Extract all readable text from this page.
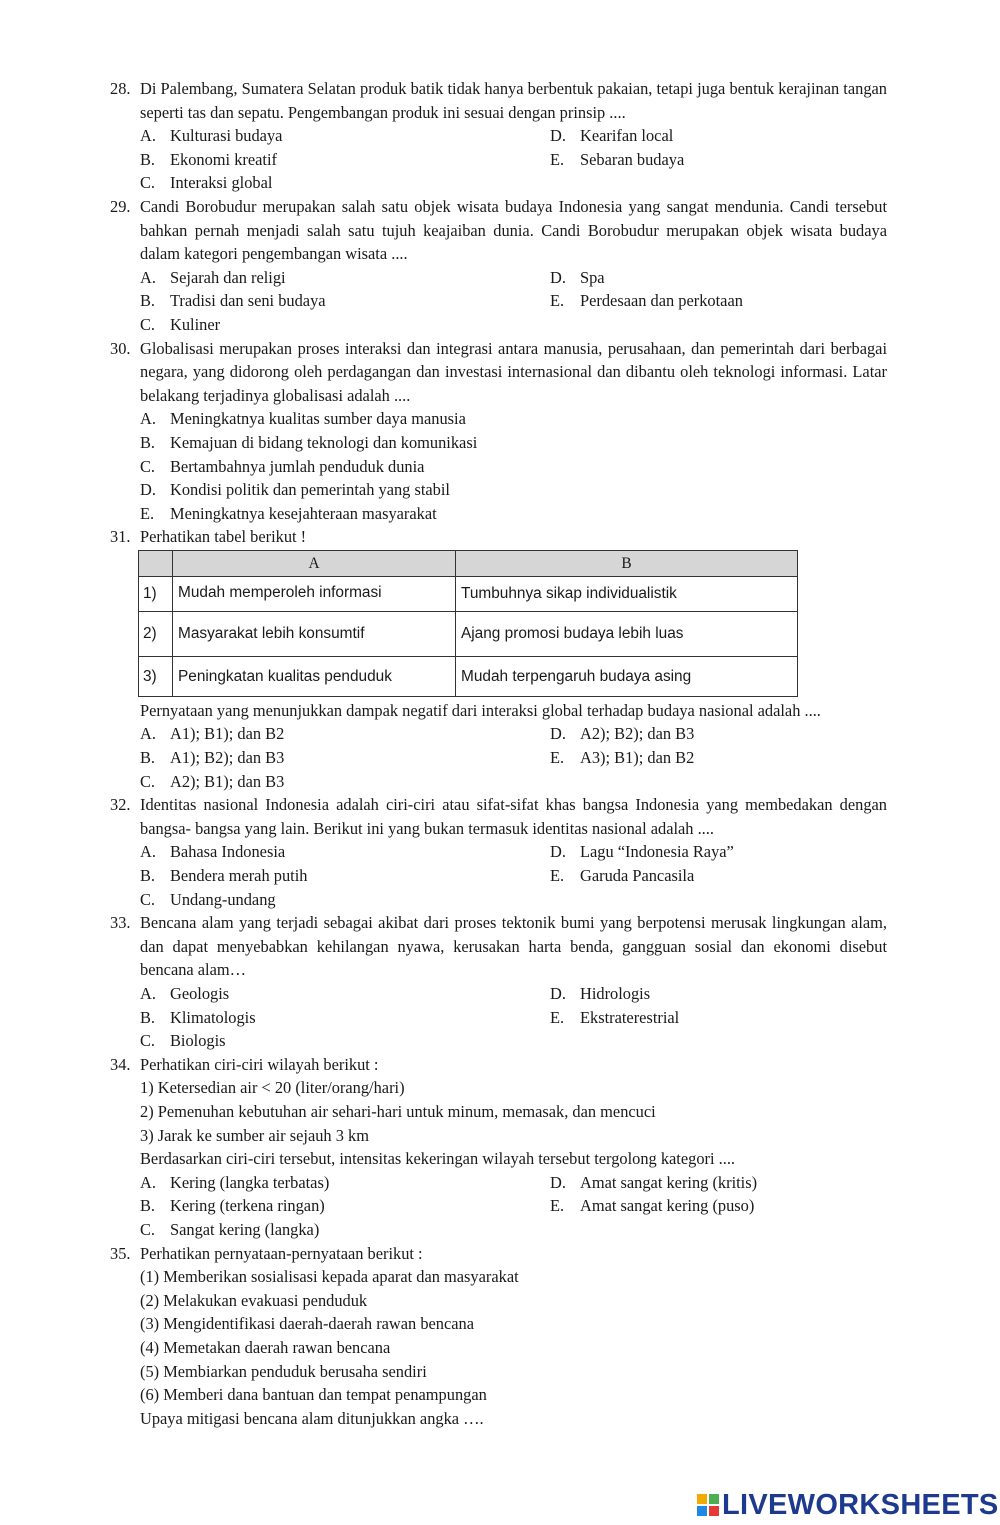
28. Di Palembang, Sumatera Selatan produk batik tidak hanya berbentuk pakaian, tetapi juga bentuk kerajinan tangan seperti tas dan sepatu. Pengembangan produk ini sesuai dengan prinsip ....
A. Kulturasi budaya	D. Kearifan local
B. Ekonomi kreatif	E. Sebaran budaya
C. Interaksi global
29. Candi Borobudur merupakan salah satu objek wisata budaya Indonesia yang sangat mendunia. Candi tersebut bahkan pernah menjadi salah satu tujuh keajaiban dunia. Candi Borobudur merupakan objek wisata budaya dalam kategori pengembangan wisata ....
A. Sejarah dan religi	D. Spa
B. Tradisi dan seni budaya	E. Perdesaan dan perkotaan
C. Kuliner
30. Globalisasi merupakan proses interaksi dan integrasi antara manusia, perusahaan, dan pemerintah dari berbagai negara, yang didorong oleh perdagangan dan investasi internasional dan dibantu oleh teknologi informasi. Latar belakang terjadinya globalisasi adalah ....
A. Meningkatnya kualitas sumber daya manusia
B. Kemajuan di bidang teknologi dan komunikasi
C. Bertambahnya jumlah penduduk dunia
D. Kondisi politik dan pemerintah yang stabil
E. Meningkatnya kesejahteraan masyarakat
31. Perhatikan tabel berikut !
	A	B
1)	Mudah memperoleh informasi	Tumbuhnya sikap individualistik
2)	Masyarakat lebih konsumtif	Ajang promosi budaya lebih luas
3)	Peningkatan kualitas penduduk	Mudah terpengaruh budaya asing
Pernyataan yang menunjukkan dampak negatif dari interaksi global terhadap budaya nasional adalah ....
A. A1); B1); dan B2	D. A2); B2); dan B3
B. A1); B2); dan B3	E. A3); B1); dan B2
C. A2); B1); dan B3
32. Identitas nasional Indonesia adalah ciri-ciri atau sifat-sifat khas bangsa Indonesia yang membedakan dengan bangsa- bangsa yang lain. Berikut ini yang bukan termasuk identitas nasional adalah ....
A. Bahasa Indonesia	D. Lagu “Indonesia Raya”
B. Bendera merah putih	E. Garuda Pancasila
C. Undang-undang
33. Bencana alam yang terjadi sebagai akibat dari proses tektonik bumi yang berpotensi merusak lingkungan alam, dan dapat menyebabkan kehilangan nyawa, kerusakan harta benda, gangguan sosial dan ekonomi disebut bencana alam…
A. Geologis	D. Hidrologis
B. Klimatologis	E. Ekstraterestrial
C. Biologis
34. Perhatikan ciri-ciri wilayah berikut :
1) Ketersedian air < 20 (liter/orang/hari)
2) Pemenuhan kebutuhan air sehari-hari untuk minum, memasak, dan mencuci
3) Jarak ke sumber air sejauh 3 km
Berdasarkan ciri-ciri tersebut, intensitas kekeringan wilayah tersebut tergolong kategori ....
A. Kering (langka terbatas)	D. Amat sangat kering (kritis)
B. Kering (terkena ringan)	E. Amat sangat kering (puso)
C. Sangat kering (langka)
35. Perhatikan pernyataan-pernyataan berikut :
(1) Memberikan sosialisasi kepada aparat dan masyarakat
(2) Melakukan evakuasi penduduk
(3) Mengidentifikasi daerah-daerah rawan bencana
(4) Memetakan daerah rawan bencana
(5) Membiarkan penduduk berusaha sendiri
(6) Memberi dana bantuan dan tempat penampungan
Upaya mitigasi bencana alam ditunjukkan angka ….
LIVEWORKSHEETS
